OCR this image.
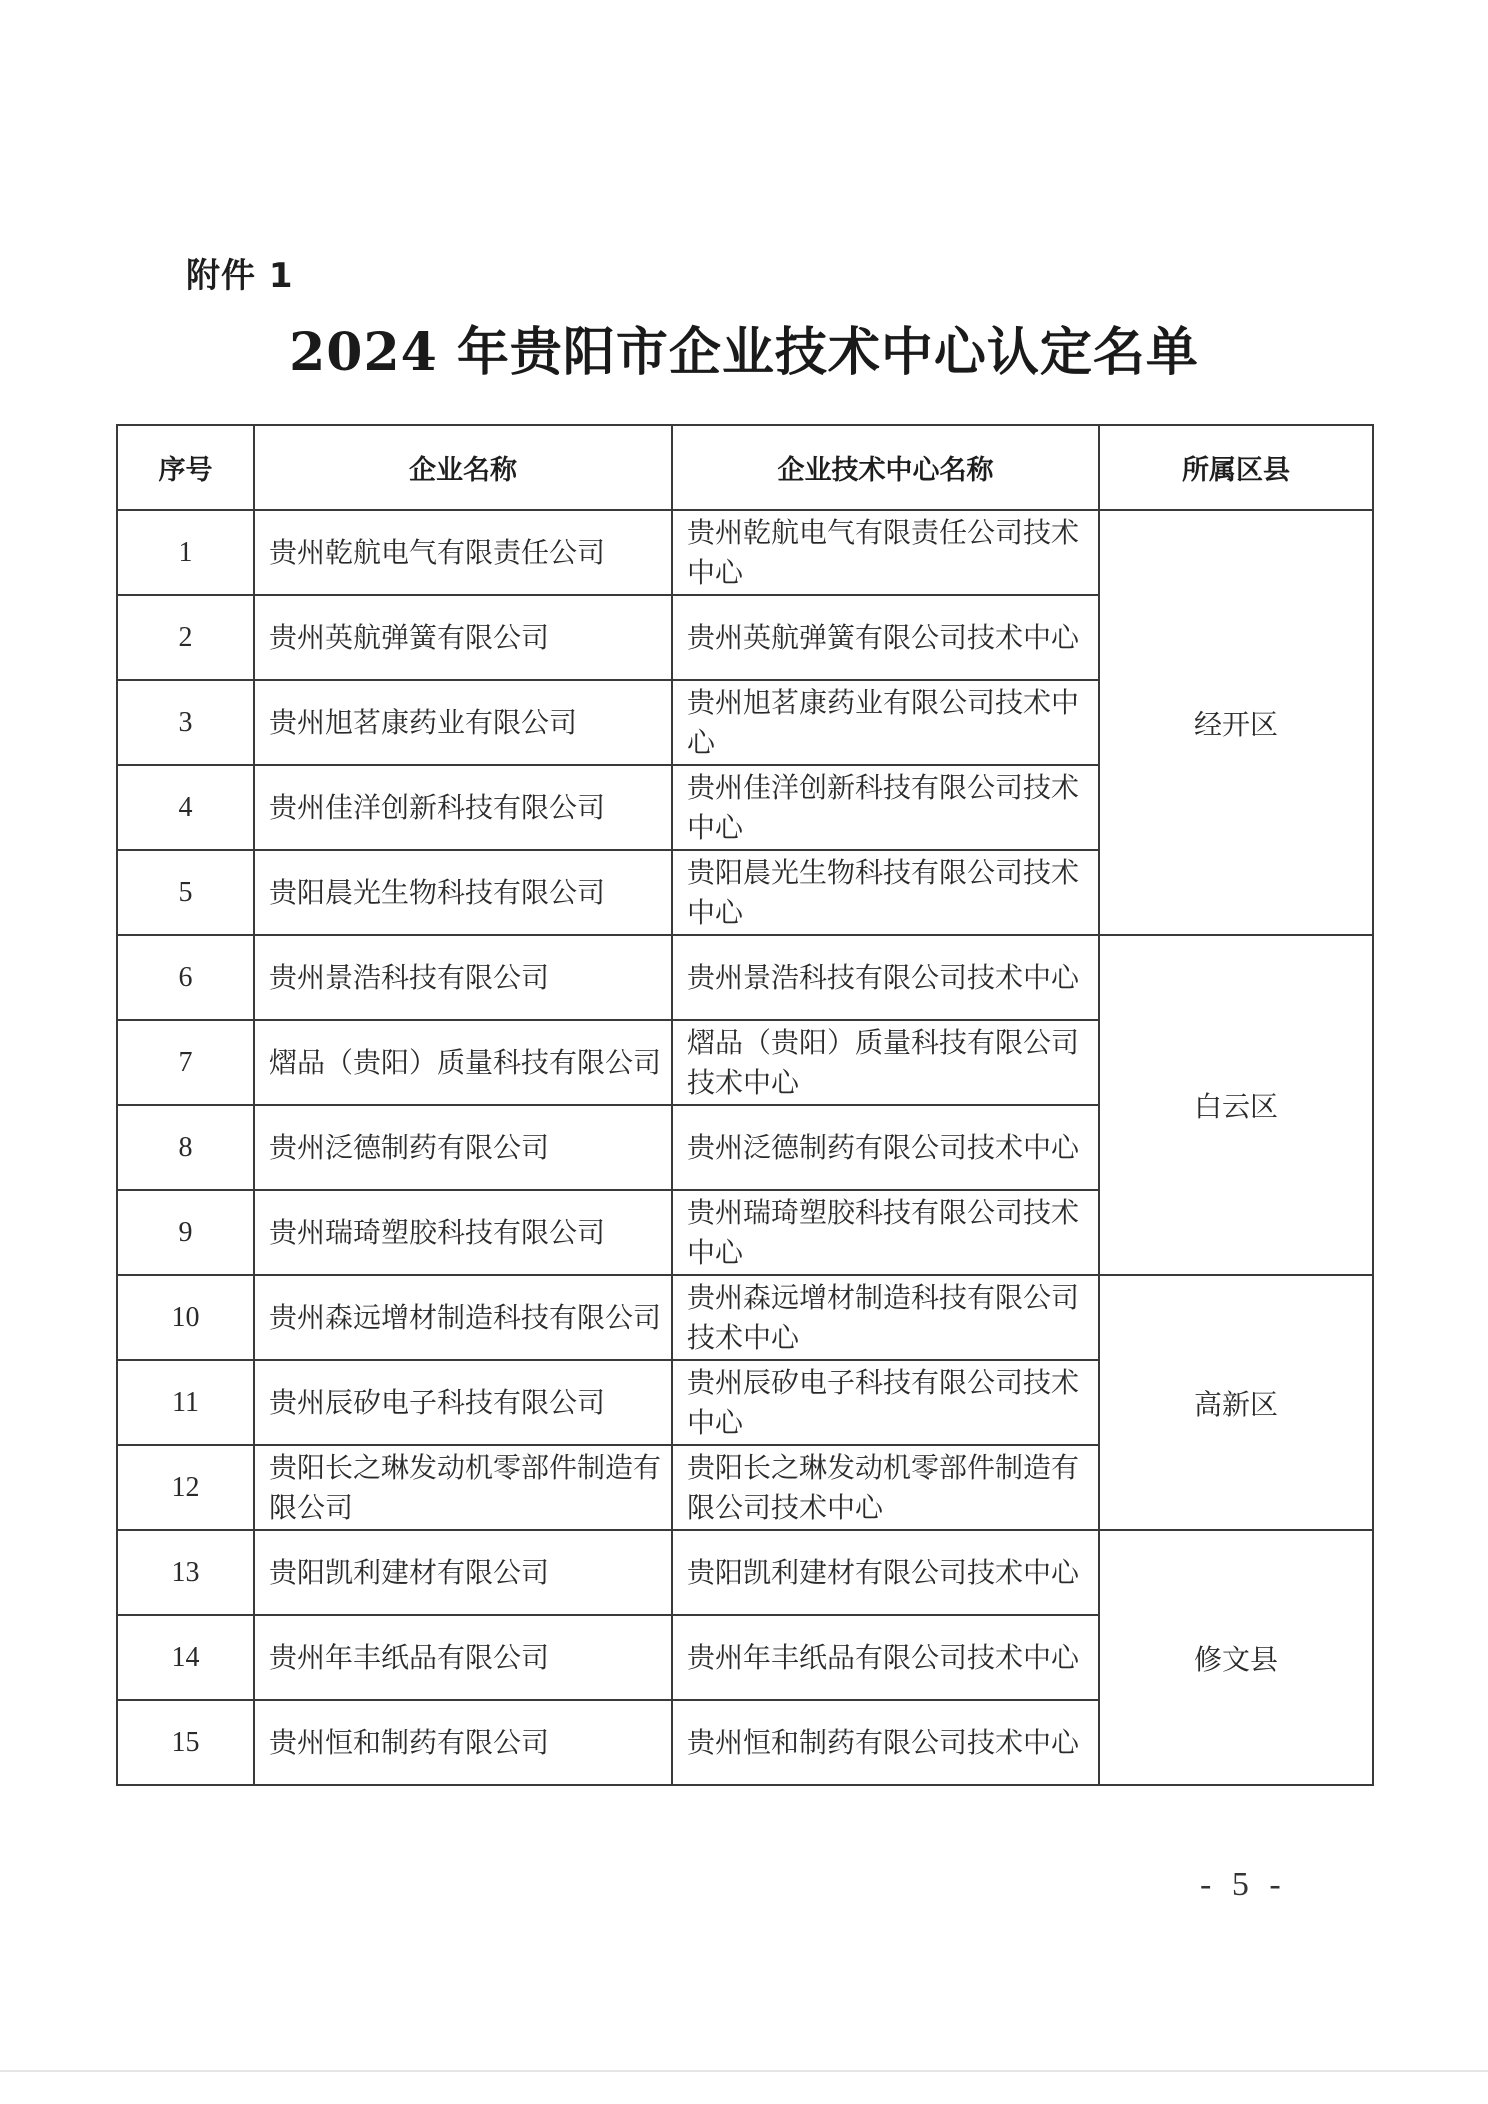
附件 1
2024 年贵阳市企业技术中心认定名单
序号	企业名称	企业技术中心名称	所属区县
1	贵州乾航电气有限责任公司	贵州乾航电气有限责任公司技术中心	经开区
2	贵州英航弹簧有限公司	贵州英航弹簧有限公司技术中心	
3	贵州旭茗康药业有限公司	贵州旭茗康药业有限公司技术中心	
4	贵州佳洋创新科技有限公司	贵州佳洋创新科技有限公司技术中心	
5	贵阳晨光生物科技有限公司	贵阳晨光生物科技有限公司技术中心	
6	贵州景浩科技有限公司	贵州景浩科技有限公司技术中心	白云区
7	熠品（贵阳）质量科技有限公司	熠品（贵阳）质量科技有限公司技术中心	
8	贵州泛德制药有限公司	贵州泛德制药有限公司技术中心	
9	贵州瑞琦塑胶科技有限公司	贵州瑞琦塑胶科技有限公司技术中心	
10	贵州森远增材制造科技有限公司	贵州森远增材制造科技有限公司技术中心	高新区
11	贵州辰矽电子科技有限公司	贵州辰矽电子科技有限公司技术中心	
12	贵阳长之琳发动机零部件制造有限公司	贵阳长之琳发动机零部件制造有限公司技术中心	
13	贵阳凯利建材有限公司	贵阳凯利建材有限公司技术中心	修文县
14	贵州年丰纸品有限公司	贵州年丰纸品有限公司技术中心	
15	贵州恒和制药有限公司	贵州恒和制药有限公司技术中心	
- 5 -
